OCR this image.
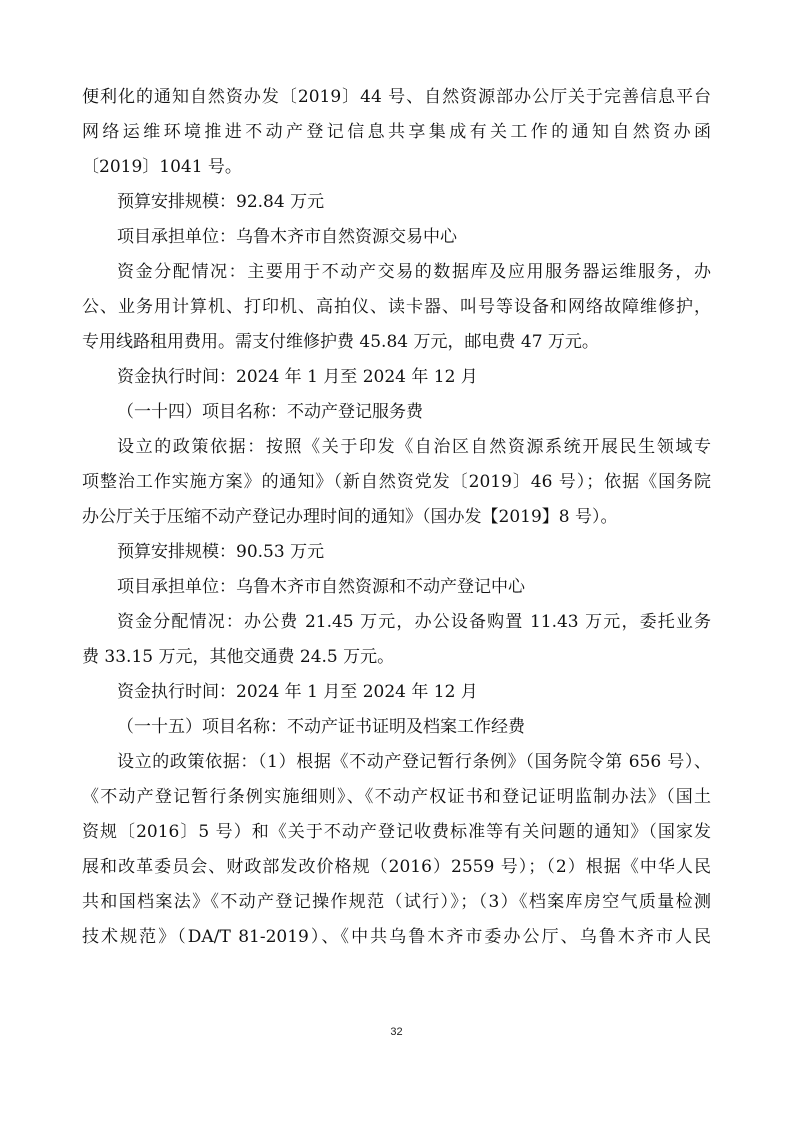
便利化的通知自然资办发〔2019〕44 号、自然资源部办公厅关于完善信息平台
网络运维环境推进不动产登记信息共享集成有关工作的通知自然资办函
〔2019〕1041 号。
预算安排规模：92.84 万元
项目承担单位：乌鲁木齐市自然资源交易中心
资金分配情况：主要用于不动产交易的数据库及应用服务器运维服务，办
公、业务用计算机、打印机、高拍仪、读卡器、叫号等设备和网络故障维修护，
专用线路租用费用。需支付维修护费 45.84 万元，邮电费 47 万元。
资金执行时间：2024 年 1 月至 2024 年 12 月
（一十四）项目名称：不动产登记服务费
设立的政策依据：按照《关于印发《自治区自然资源系统开展民生领域专
项整治工作实施方案》的通知》（新自然资党发〔2019〕46 号）；依据《国务院
办公厅关于压缩不动产登记办理时间的通知》（国办发【2019】8 号）。
预算安排规模：90.53 万元
项目承担单位：乌鲁木齐市自然资源和不动产登记中心
资金分配情况：办公费 21.45 万元，办公设备购置 11.43 万元，委托业务
费 33.15 万元，其他交通费 24.5 万元。
资金执行时间：2024 年 1 月至 2024 年 12 月
（一十五）项目名称：不动产证书证明及档案工作经费
设立的政策依据：（1）根据《不动产登记暂行条例》（国务院令第 656 号）、
《不动产登记暂行条例实施细则》、《不动产权证书和登记证明监制办法》（国土
资规〔2016〕5 号）和《关于不动产登记收费标准等有关问题的通知》（国家发
展和改革委员会、财政部发改价格规（2016）2559 号）；（2）根据《中华人民
共和国档案法》《不动产登记操作规范（试行）》；（3）《档案库房空气质量检测
技术规范》（DA/T 81-2019）、《中共乌鲁木齐市委办公厅、乌鲁木齐市人民
32
